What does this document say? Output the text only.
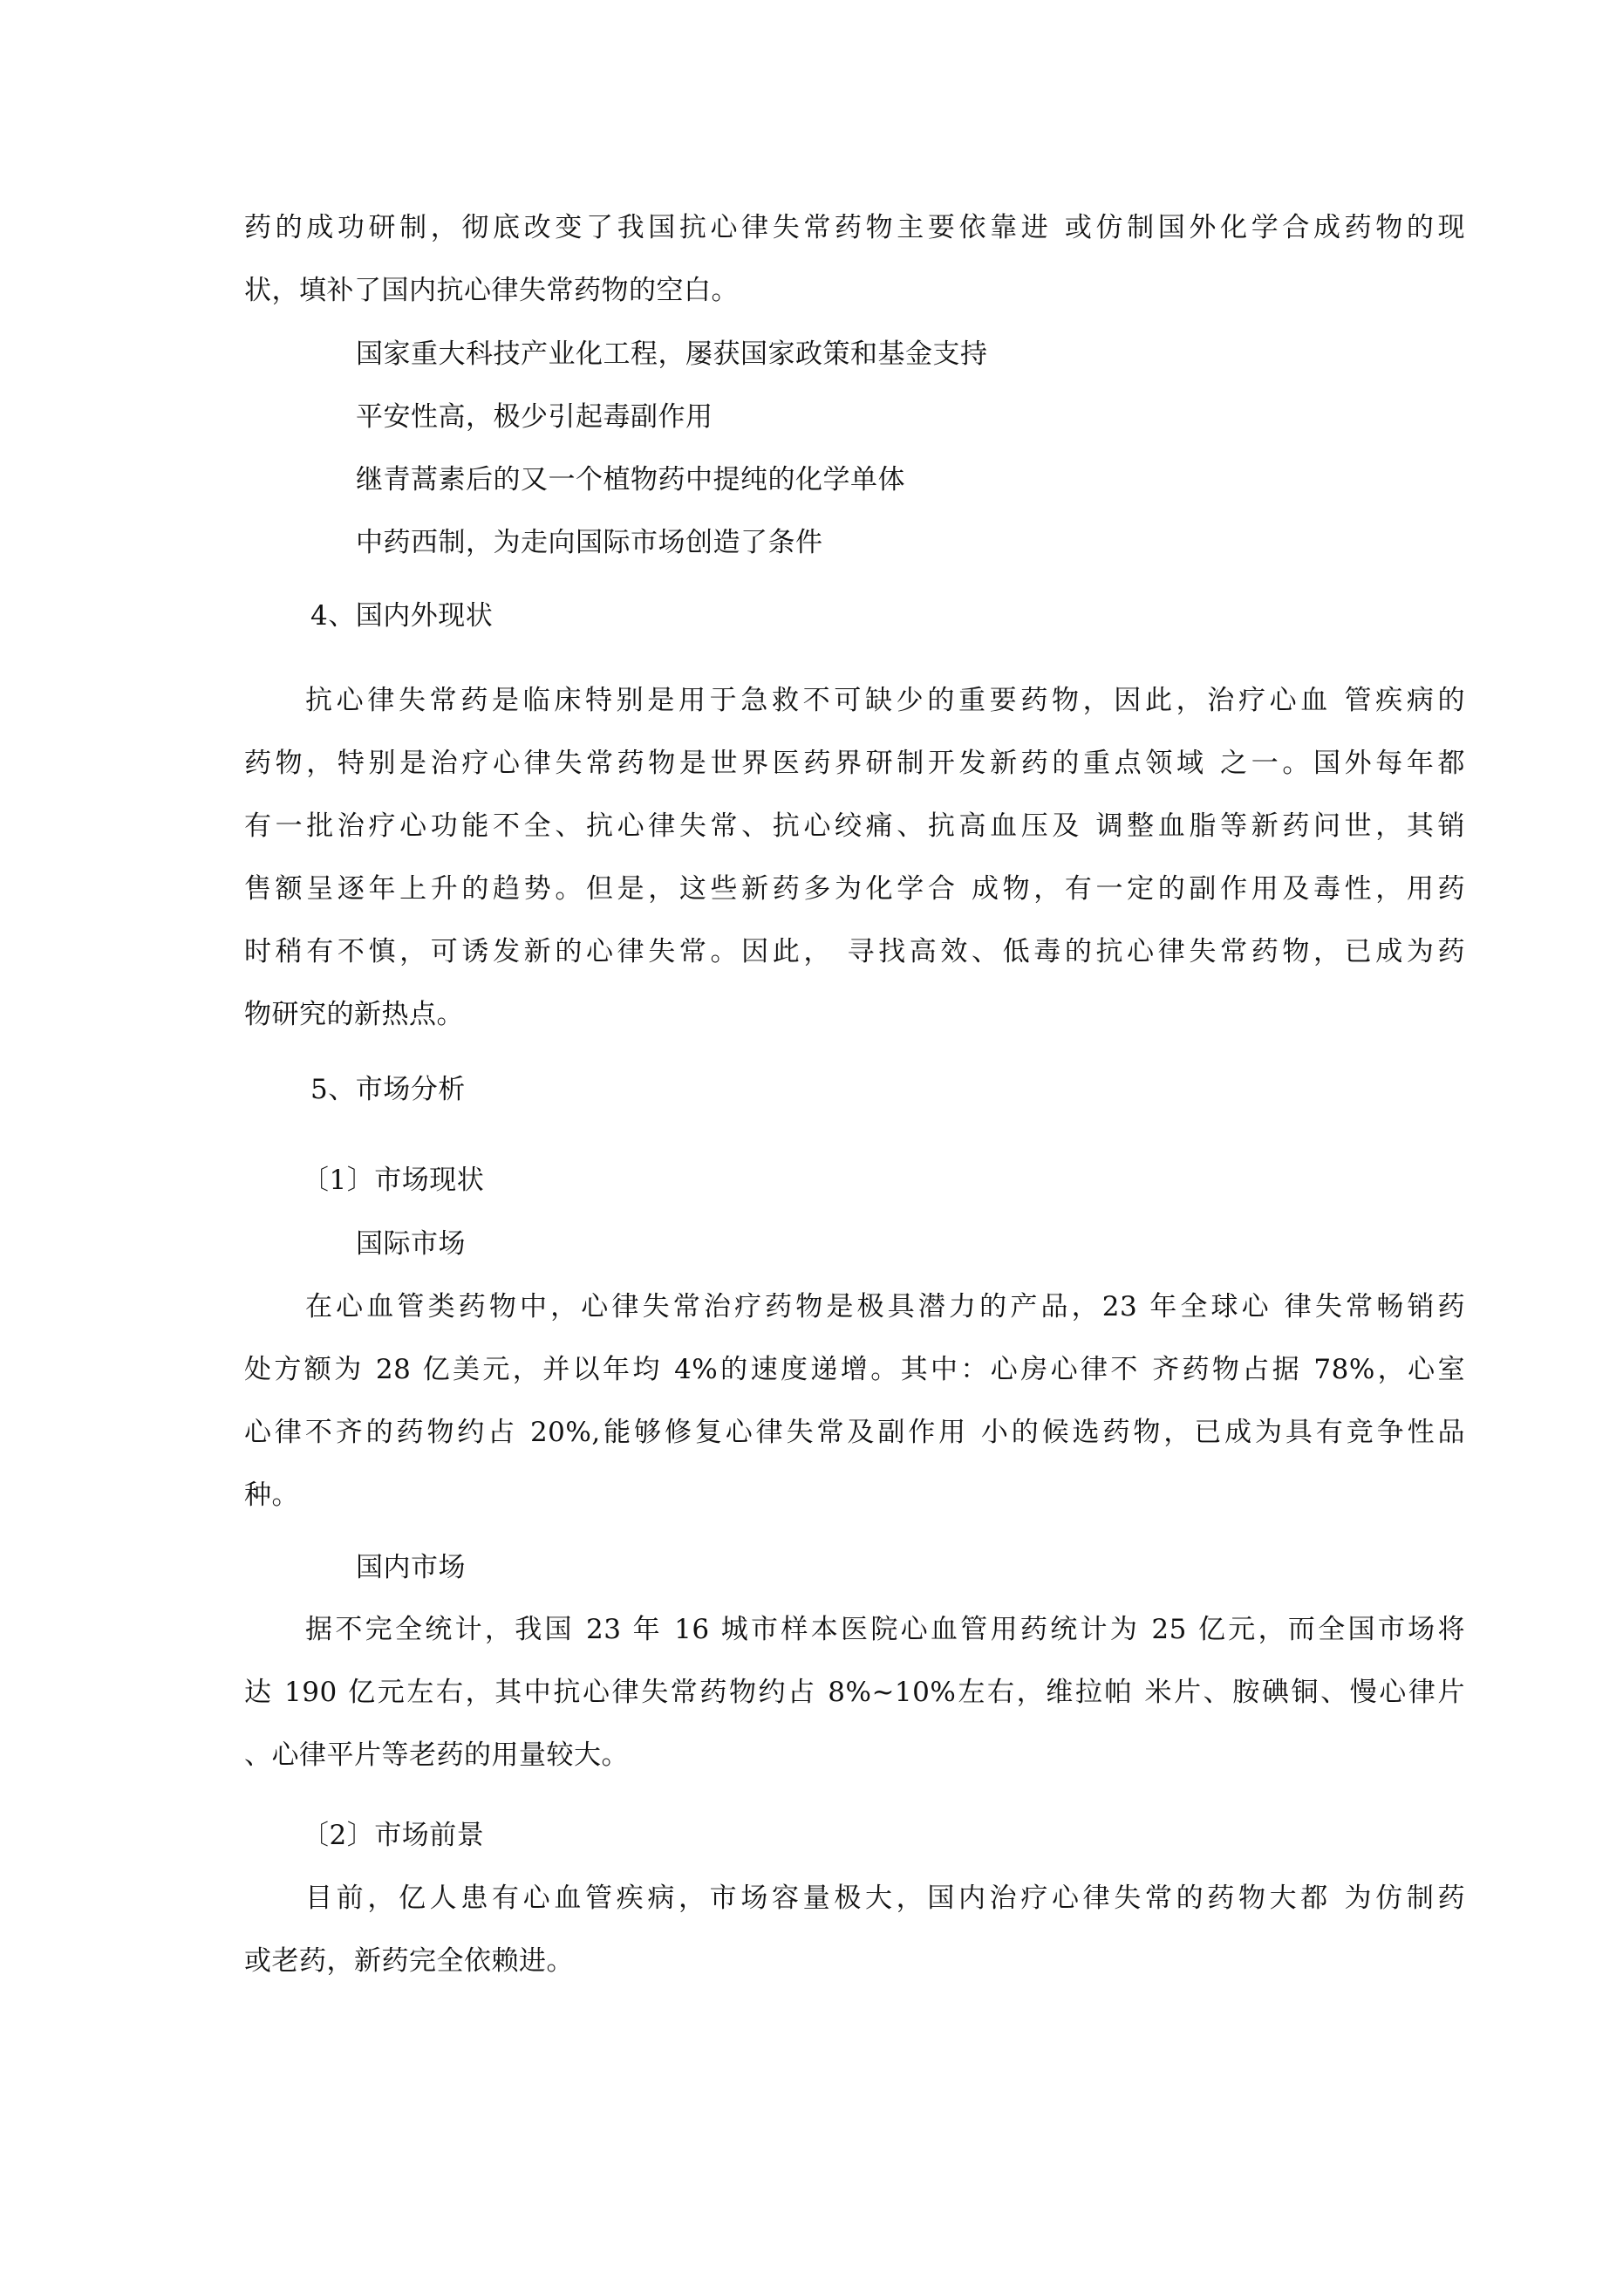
药的成功研制，彻底改变了我国抗心律失常药物主要依靠进 或仿制国外化学合成药物的现
状，填补了国内抗心律失常药物的空白。
国家重大科技产业化工程，屡获国家政策和基金支持
平安性高，极少引起毒副作用
继青蒿素后的又一个植物药中提纯的化学单体
中药西制，为走向国际市场创造了条件
4、国内外现状
抗心律失常药是临床特别是用于急救不可缺少的重要药物，因此，治疗心血 管疾病的
药物，特别是治疗心律失常药物是世界医药界研制开发新药的重点领域 之一。国外每年都
有一批治疗心功能不全、抗心律失常、抗心绞痛、抗高血压及 调整血脂等新药问世，其销
售额呈逐年上升的趋势。但是，这些新药多为化学合 成物，有一定的副作用及毒性，用药
时稍有不慎，可诱发新的心律失常。因此， 寻找高效、低毒的抗心律失常药物，已成为药
物研究的新热点。
5、市场分析
〔1〕市场现状
国际市场
在心血管类药物中，心律失常治疗药物是极具潜力的产品，23 年全球心 律失常畅销药
处方额为 28 亿美元，并以年均 4%的速度递增。其中：心房心律不 齐药物占据 78%，心室
心律不齐的药物约占 20%,能够修复心律失常及副作用 小的候选药物，已成为具有竞争性品
种。
国内市场
据不完全统计，我国 23 年 16 城市样本医院心血管用药统计为 25 亿元，而全国市场将
达 190 亿元左右，其中抗心律失常药物约占 8%~10%左右，维拉帕 米片、胺碘铜、慢心律片
、心律平片等老药的用量较大。
〔2〕市场前景
目前，亿人患有心血管疾病，市场容量极大，国内治疗心律失常的药物大都 为仿制药
或老药，新药完全依赖进。
